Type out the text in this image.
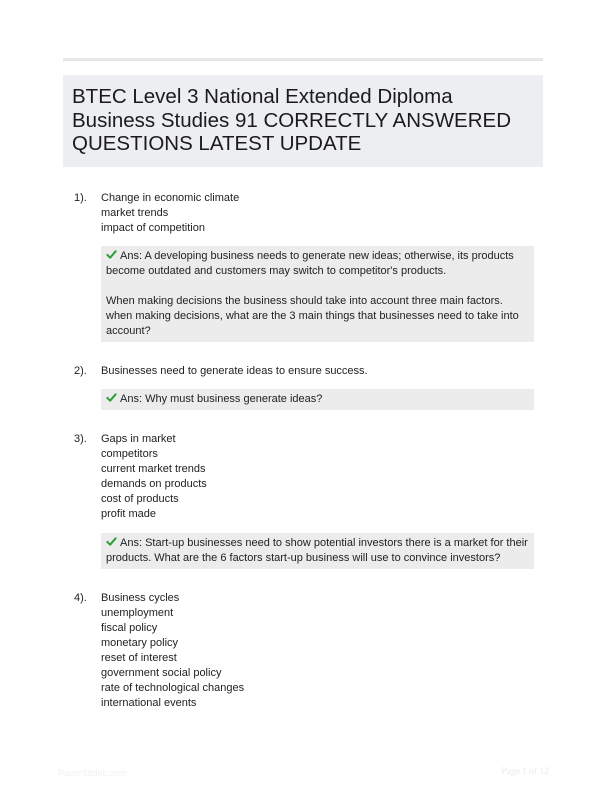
BTEC Level 3 National Extended Diploma
Business Studies 91 CORRECTLY ANSWERED
QUESTIONS LATEST UPDATE
1). Change in economic climate
market trends
impact of competition
Ans: A developing business needs to generate new ideas; otherwise, its products
become outdated and customers may switch to competitor's products.
When making decisions the business should take into account three main factors.
when making decisions, what are the 3 main things that businesses need to take into
account?
2). Businesses need to generate ideas to ensure success.
Ans: Why must business generate ideas?
3). Gaps in market
competitors
current market trends
demands on products
cost of products
profit made
Ans: Start-up businesses need to show potential investors there is a market for their
products. What are the 6 factors start-up business will use to convince investors?
4). Business cycles
unemployment
fiscal policy
monetary policy
reset of interest
government social policy
rate of technological changes
international events
PaperStidoc.com	Page 1 of 12
